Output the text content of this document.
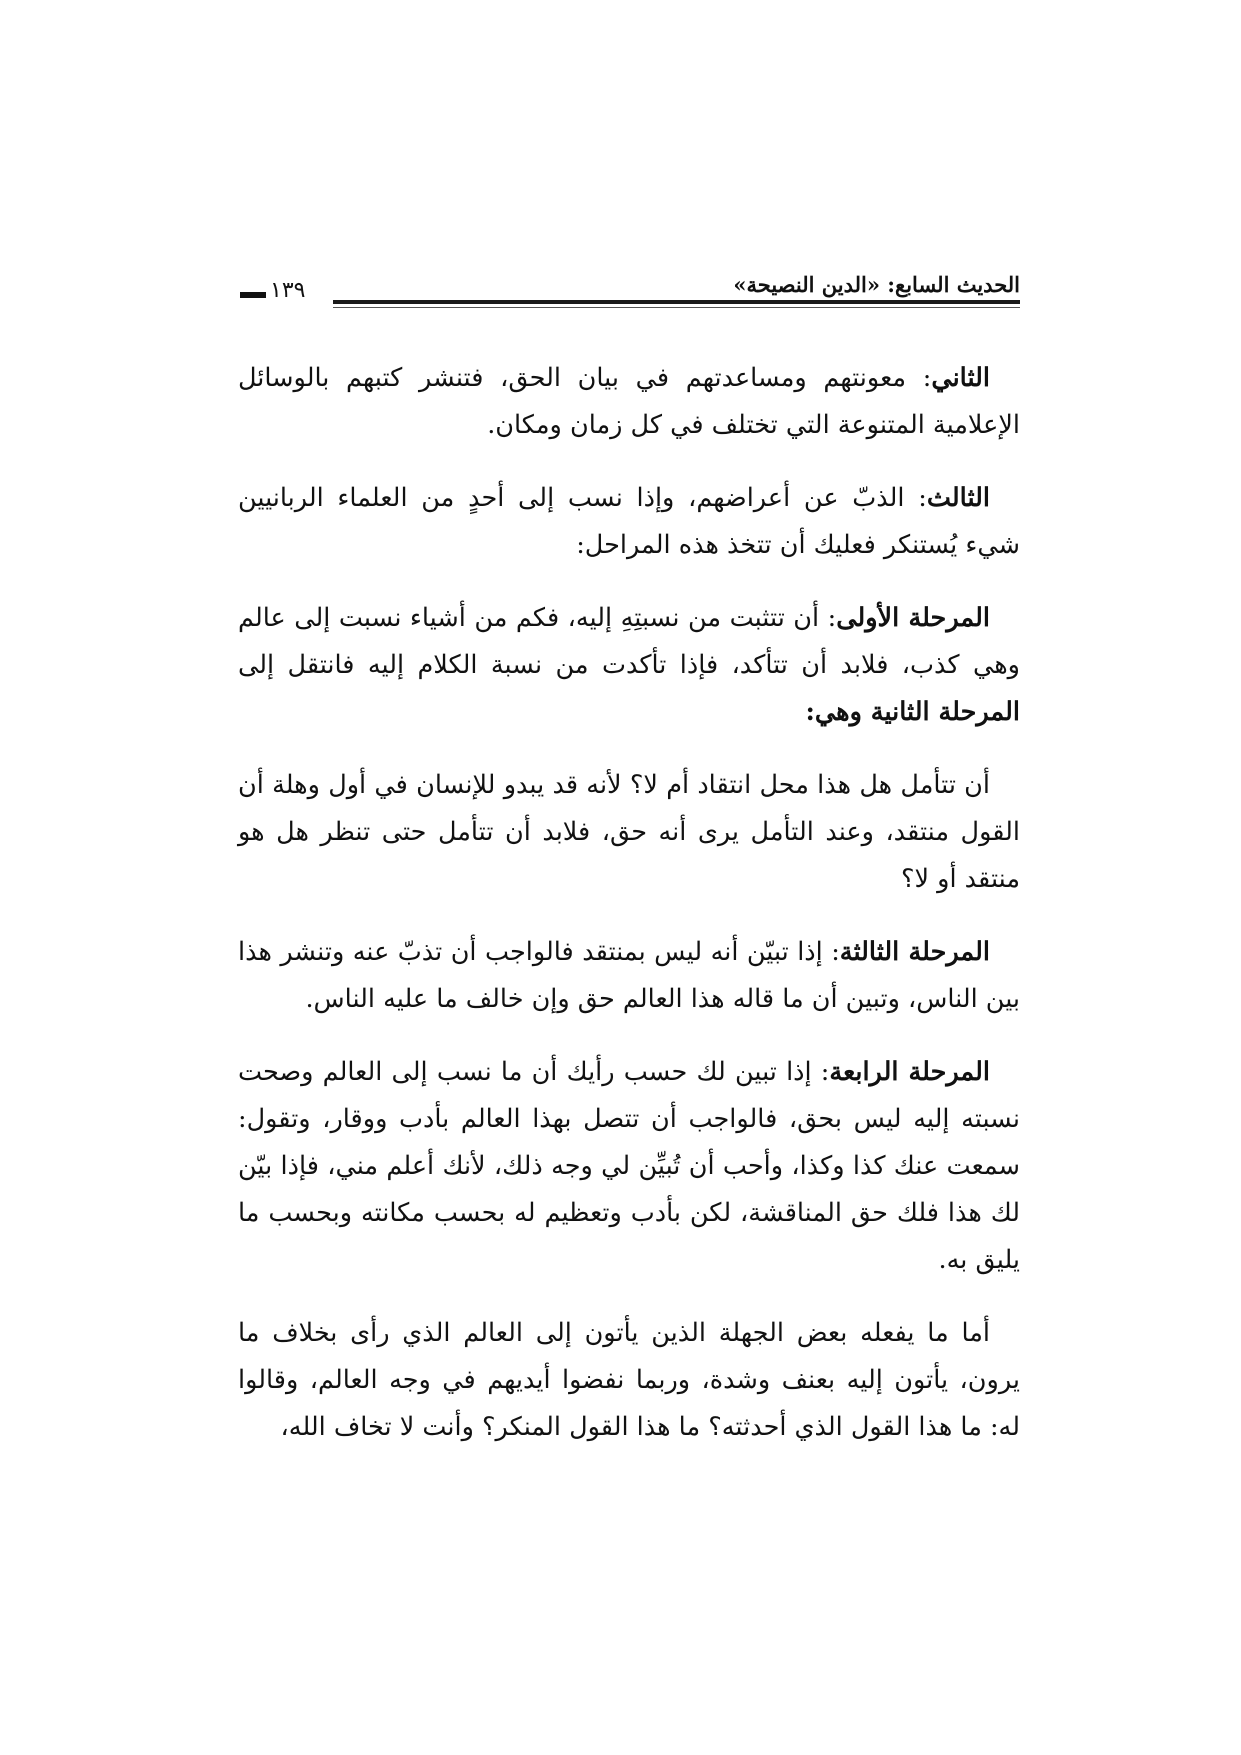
الحديث السابع: «الدين النصيحة»
١٣٩

الثاني: معونتهم ومساعدتهم في بيان الحق، فتنشر كتبهم بالوسائل الإعلامية المتنوعة التي تختلف في كل زمان ومكان.

الثالث: الذبّ عن أعراضهم، وإذا نسب إلى أحدٍ من العلماء الربانيين شيء يُستنكر فعليك أن تتخذ هذه المراحل:

المرحلة الأولى: أن تتثبت من نسبتِهِ إليه، فكم من أشياء نسبت إلى عالم وهي كذب، فلابد أن تتأكد، فإذا تأكدت من نسبة الكلام إليه فانتقل إلى المرحلة الثانية وهي:

أن تتأمل هل هذا محل انتقاد أم لا؟ لأنه قد يبدو للإنسان في أول وهلة أن القول منتقد، وعند التأمل يرى أنه حق، فلابد أن تتأمل حتى تنظر هل هو منتقد أو لا؟

المرحلة الثالثة: إذا تبيّن أنه ليس بمنتقد فالواجب أن تذبّ عنه وتنشر هذا بين الناس، وتبين أن ما قاله هذا العالم حق وإن خالف ما عليه الناس.

المرحلة الرابعة: إذا تبين لك حسب رأيك أن ما نسب إلى العالم وصحت نسبته إليه ليس بحق، فالواجب أن تتصل بهذا العالم بأدب ووقار، وتقول: سمعت عنك كذا وكذا، وأحب أن تُبيِّن لي وجه ذلك، لأنك أعلم مني، فإذا بيّن لك هذا فلك حق المناقشة، لكن بأدب وتعظيم له بحسب مكانته وبحسب ما يليق به.

أما ما يفعله بعض الجهلة الذين يأتون إلى العالم الذي رأى بخلاف ما يرون، يأتون إليه بعنف وشدة، وربما نفضوا أيديهم في وجه العالم، وقالوا له: ما هذا القول الذي أحدثته؟ ما هذا القول المنكر؟ وأنت لا تخاف الله،
